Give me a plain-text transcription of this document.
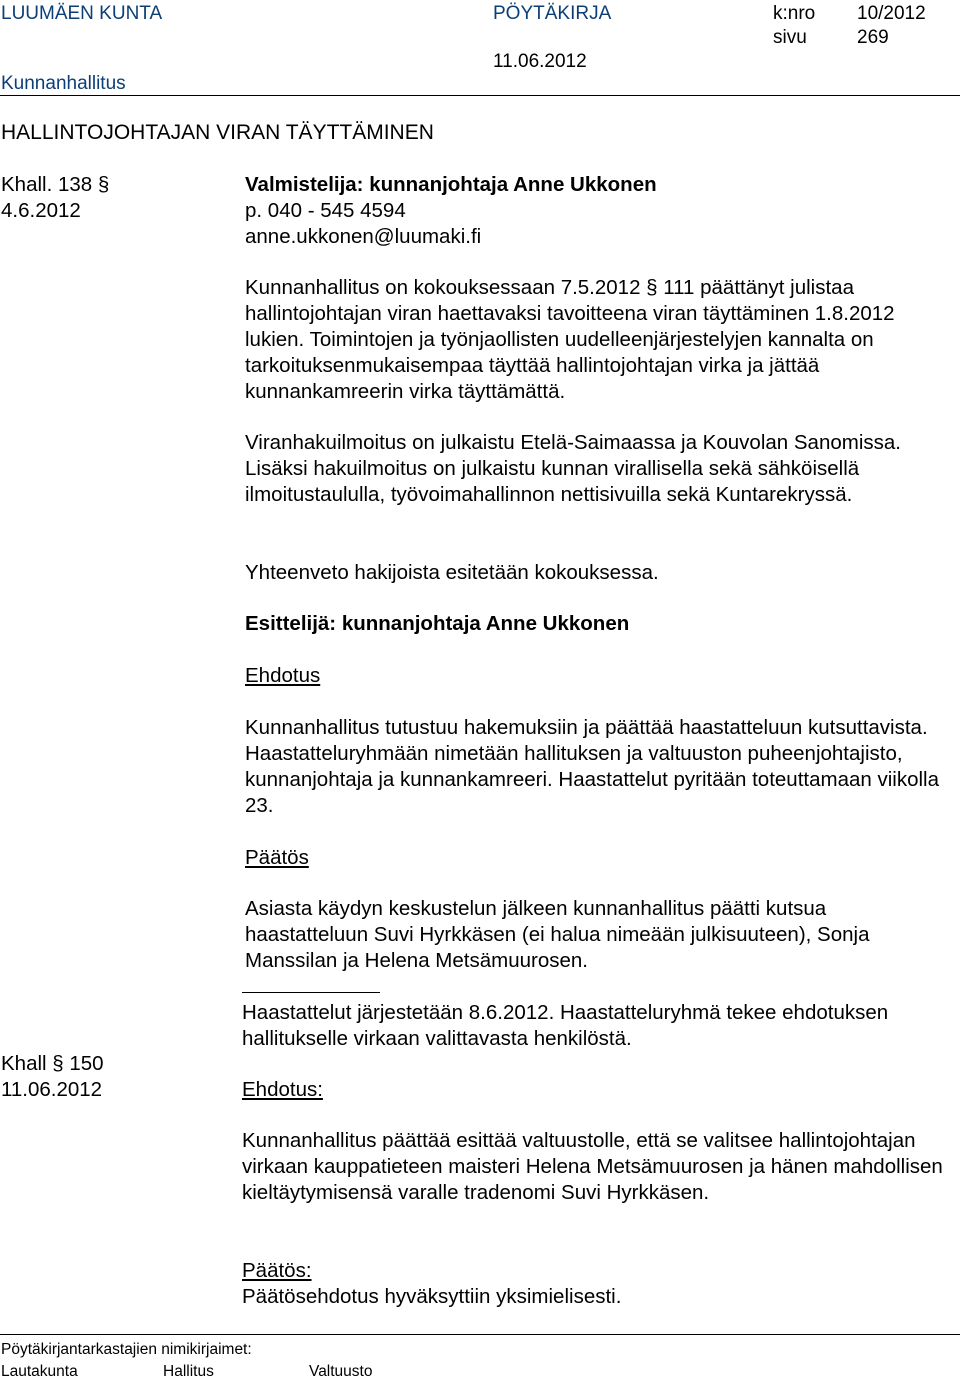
LUUMÄEN KUNTA	PÖYTÄKIRJA	k:nro 10/2012
sivu	269
11.06.2012
Kunnanhallitus
HALLINTOJOHTAJAN VIRAN TÄYTTÄMINEN
Khall. 138 §
4.6.2012
Valmistelija: kunnanjohtaja Anne Ukkonen
p. 040 - 545 4594
anne.ukkonen@luumaki.fi
Kunnanhallitus on kokouksessaan 7.5.2012 § 111 päättänyt julistaa hallintojohtajan viran haettavaksi tavoitteena viran täyttäminen 1.8.2012 lukien. Toimintojen ja työnjaollisten uudelleenjärjestelyjen kannalta on tarkoituksenmukaisempaa täyttää hallintojohtajan virka ja jättää kunnankamreerin virka täyttämättä.
Viranhakuilmoitus on julkaistu Etelä-Saimaassa ja Kouvolan Sanomissa. Lisäksi hakuilmoitus on julkaistu kunnan virallisella sekä sähköisellä ilmoitustaululla, työvoimahallinnon nettisivuilla sekä Kuntarekryssä.
Yhteenveto hakijoista esitetään kokouksessa.
Esittelijä: kunnanjohtaja Anne Ukkonen
Ehdotus
Kunnanhallitus tutustuu hakemuksiin ja päättää haastatteluun kutsuttavista. Haastatteluryhmään nimetään hallituksen ja valtuuston puheenjohtajisto, kunnanjohtaja ja kunnankamreeri. Haastattelut pyritään toteuttamaan viikolla 23.
Päätös
Asiasta käydyn keskustelun jälkeen kunnanhallitus päätti kutsua haastatteluun Suvi Hyrkkäsen (ei halua nimeään julkisuuteen), Sonja Manssilan ja Helena Metsämuurosen.
Haastattelut järjestetään 8.6.2012. Haastatteluryhmä tekee ehdotuksen hallitukselle virkaan valittavasta henkilöstä.
Khall § 150
11.06.2012	Ehdotus:
Kunnanhallitus päättää esittää valtuustolle, että se valitsee hallintojohtajan virkaan kauppatieteen maisteri Helena Metsämuurosen ja hänen mahdollisen kieltäytymisensä varalle tradenomi Suvi Hyrkkäsen.
Päätös:
Päätösehdotus hyväksyttiin yksimielisesti.
Pöytäkirjantarkastajien nimikirjaimet:
Lautakunta	Hallitus	Valtuusto
